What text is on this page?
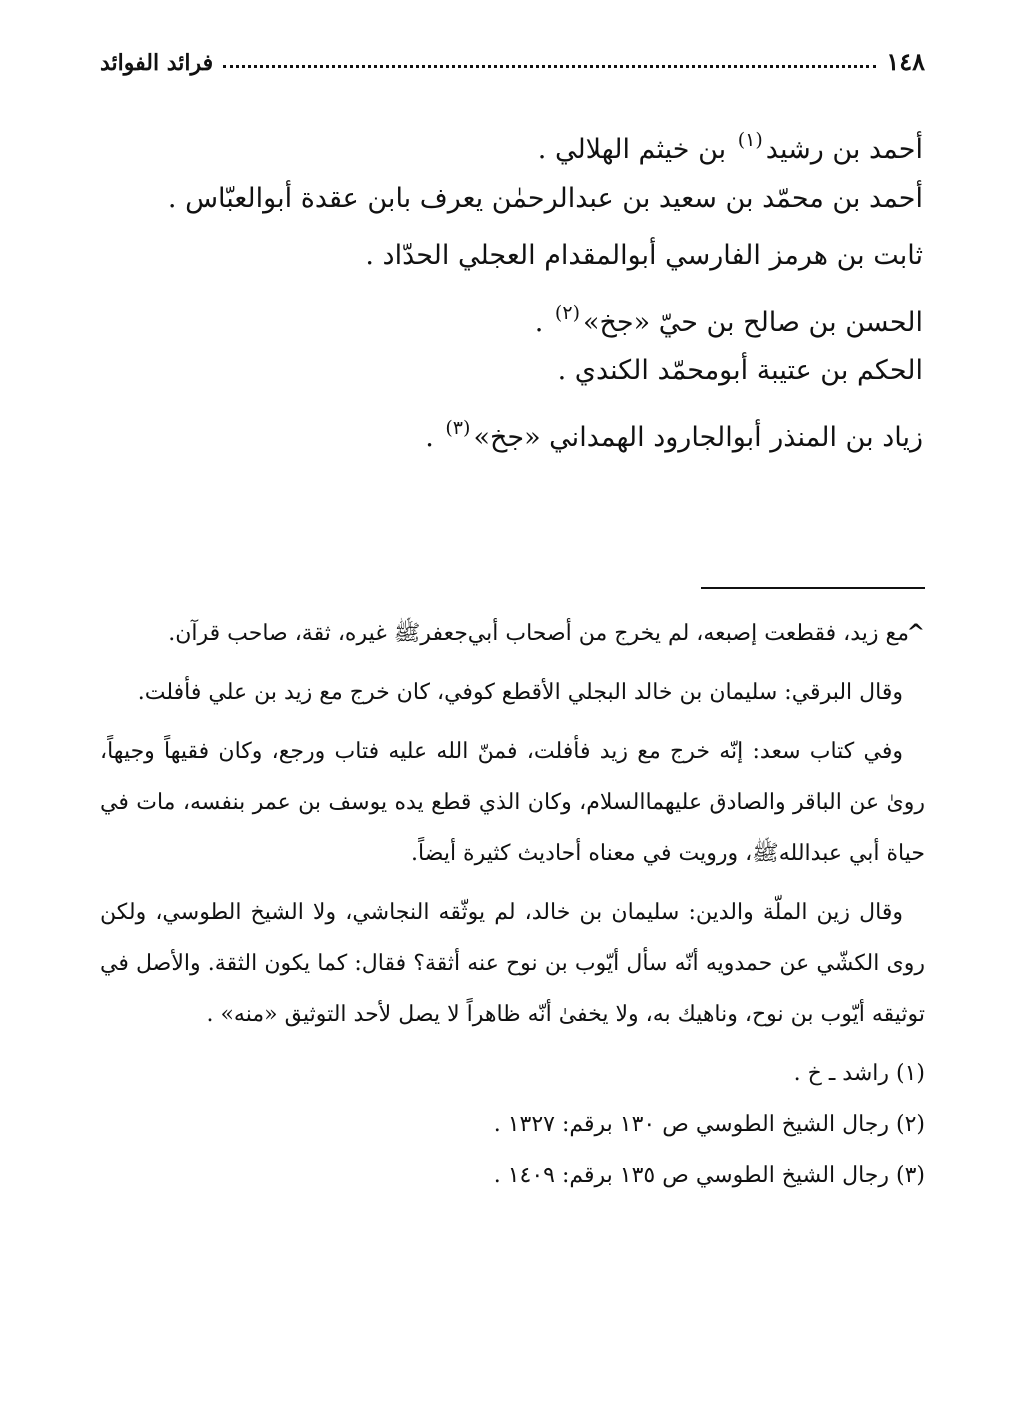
١٤٨
فرائد الفوائد
أحمد بن رشيد$^{(١)}$ بن خيثم الهلالي .
أحمد بن محمّد بن سعيد بن عبدالرحمٰن يعرف بابن عقدة أبوالعبّاس .
ثابت بن هرمز الفارسي أبوالمقدام العجلي الحدّاد .
الحسن بن صالح بن حيّ «جخ»$^{(٢)}$ .
الحكم بن عتيبة أبومحمّد الكندي .
زياد بن المنذر أبوالجارود الهمداني «جخ»$^{(٣)}$ .

^مع زيد، فقطعت إصبعه، لم يخرج من أصحاب أبي‌جعفرﷺ غيره، ثقة، صاحب قرآن.

وقال البرقي: سليمان بن خالد البجلي الأقطع كوفي، كان خرج مع زيد بن علي فأفلت.

وفي كتاب سعد: إنّه خرج مع زيد فأفلت، فمنّ الله عليه فتاب ورجع، وكان فقيهاً وجيهاً، روىٰ عن الباقر والصادق عليهماالسلام، وكان الذي قطع يده يوسف بن عمر بنفسه، مات في حياة أبي عبداللهﷺ، ورويت في معناه أحاديث كثيرة أيضاً.

وقال زين الملّة والدين: سليمان بن خالد، لم يوثّقه النجاشي، ولا الشيخ الطوسي، ولكن روى الكشّي عن حمدويه أنّه سأل أيّوب بن نوح عنه أثقة؟ فقال: كما يكون الثقة. والأصل في توثيقه أيّوب بن نوح، وناهيك به، ولا يخفىٰ أنّه ظاهراً لا يصل لأحد التوثيق «منه» .

(١) راشد ـ خ .
(٢) رجال الشيخ الطوسي ص ١٣٠ برقم: ١٣٢٧ .
(٣) رجال الشيخ الطوسي ص ١٣٥ برقم: ١٤٠٩ .
